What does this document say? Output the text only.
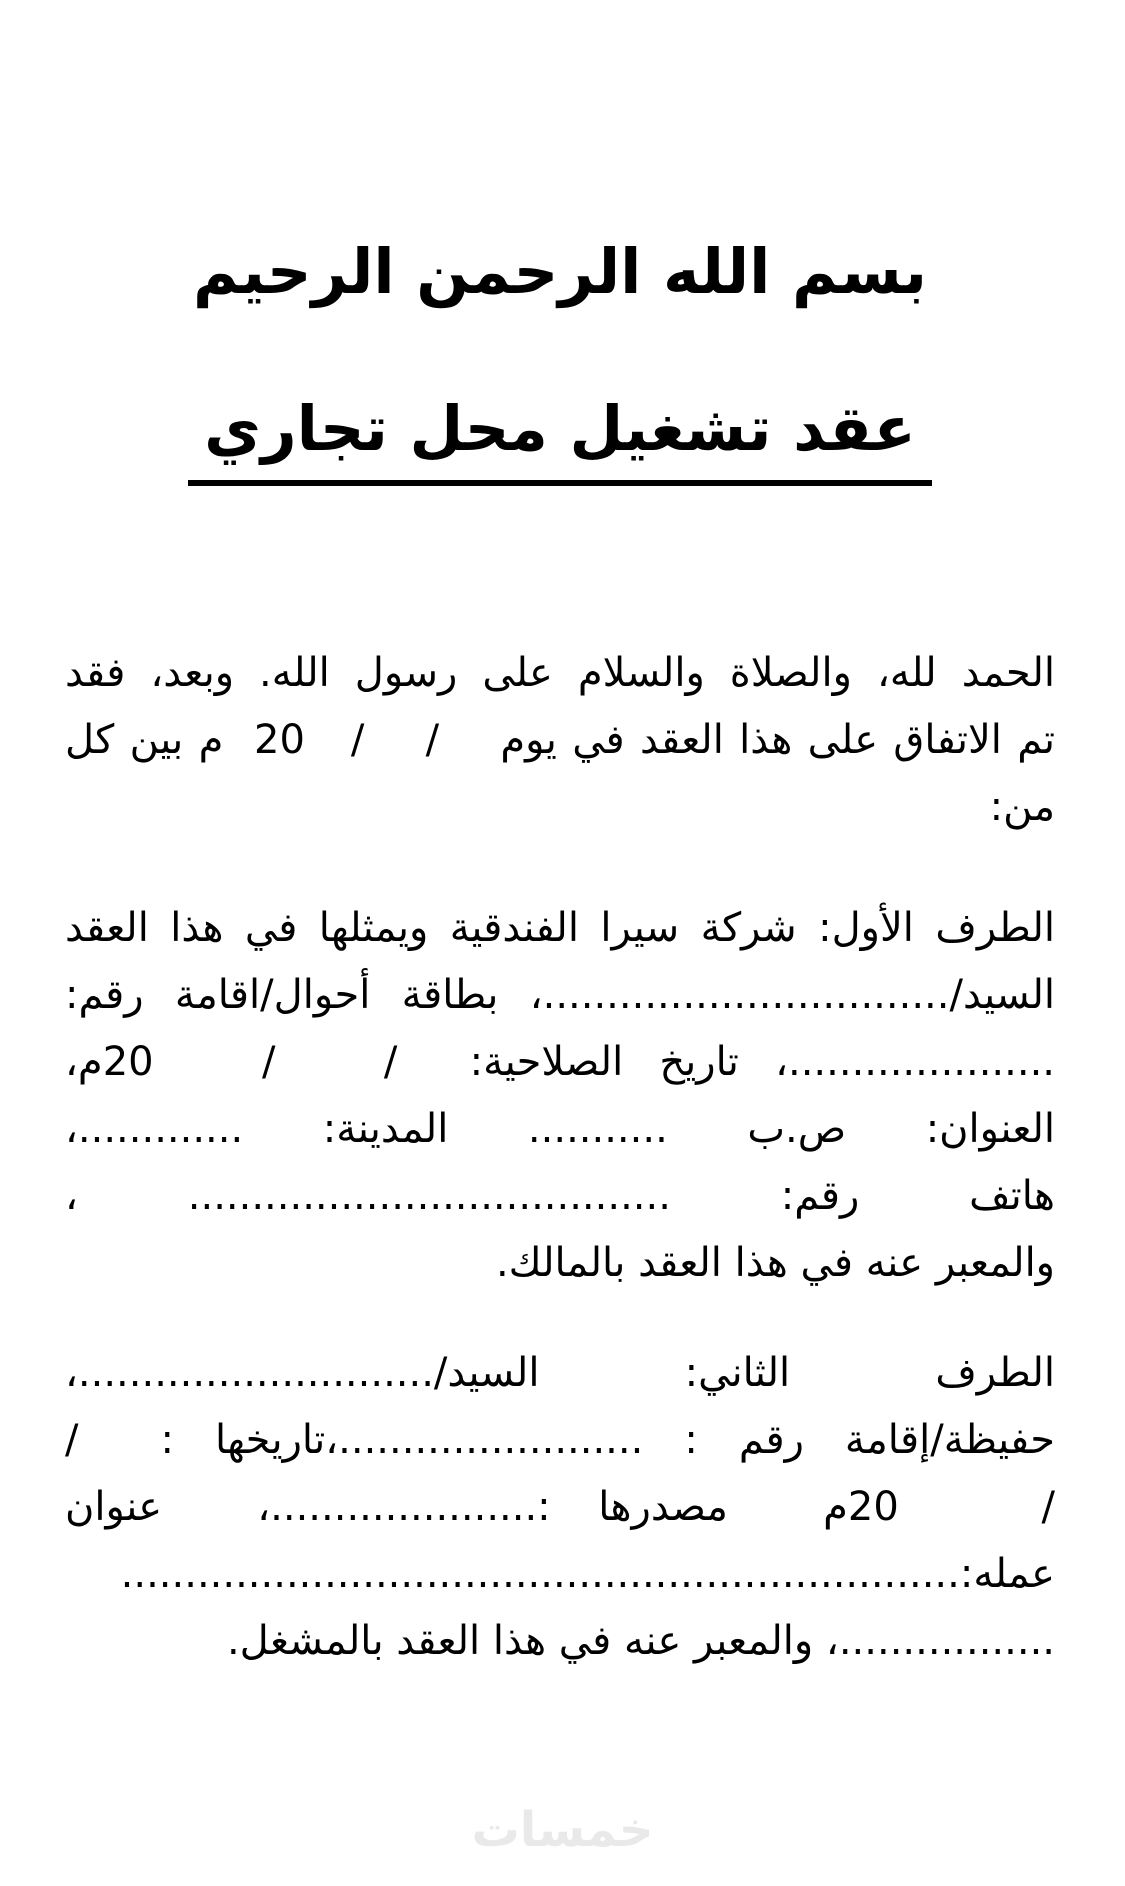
بسم الله الرحمن الرحيم
عقد تشغيل محل تجاري
الحمد لله، والصلاة والسلام على رسول الله. وبعد، فقد
تم الاتفاق على هذا العقد في يوم    /    /   20  م بين كل
من:
الطرف الأول: شركة سيرا الفندقية ويمثلها في هذا العقد
السيد/................................، بطاقة أحوال/اقامة رقم:
.....................، تاريخ الصلاحية:  /   /   20م،
العنوان: ص.ب ........... المدينة: .............،
هاتف رقم: ...................................... ،
والمعبر عنه في هذا العقد بالمالك.
الطرف الثاني: السيد/............................،
حفيظة/إقامة رقم : ........................،تاريخها :  /
/   20م  مصدرها :.....................،  عنوان
عمله:..................................................................
.................، والمعبر عنه في هذا العقد بالمشغل.
خمسات
